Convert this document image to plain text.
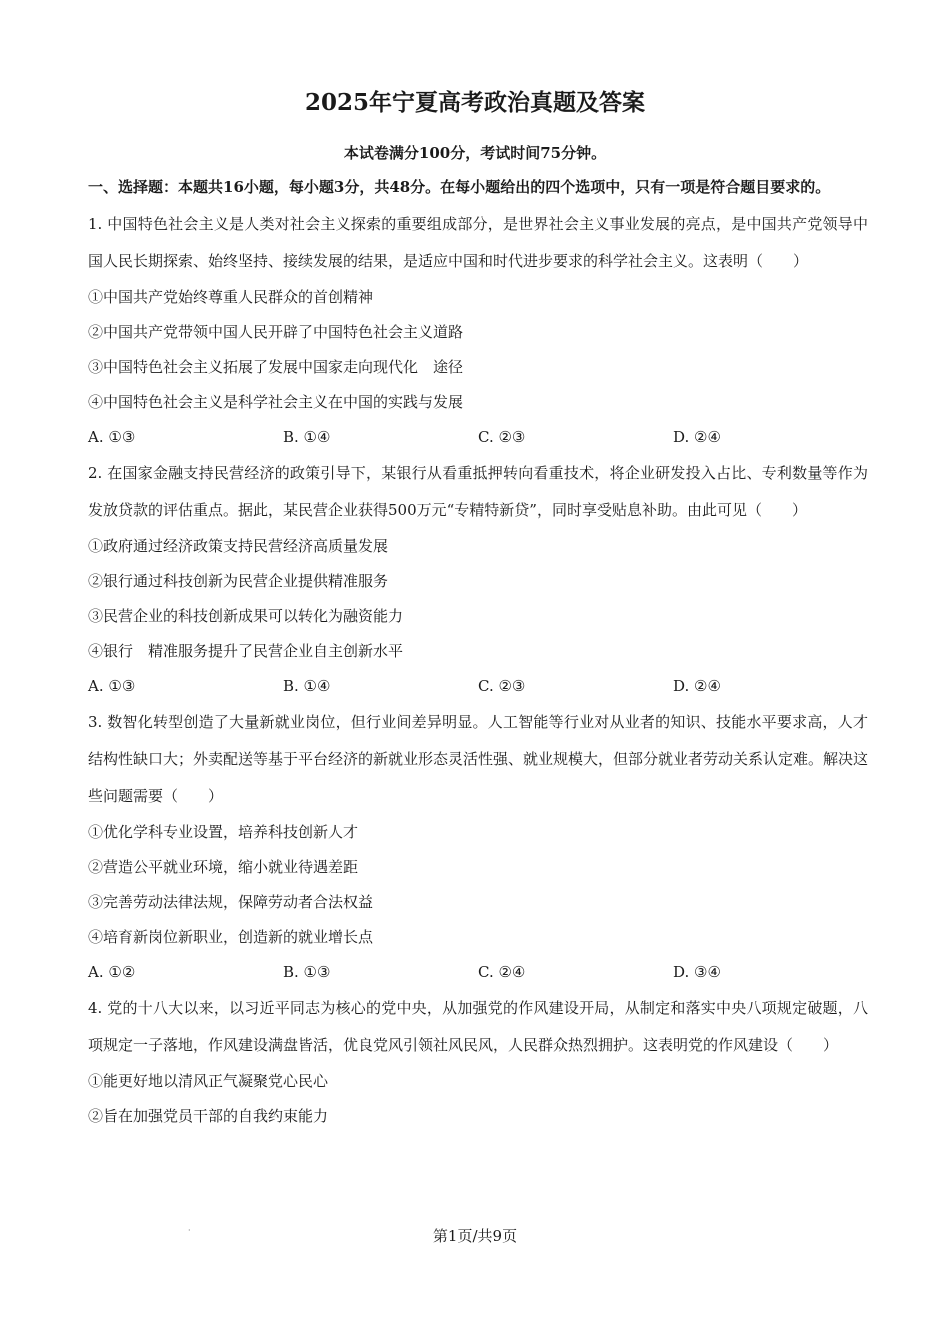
2025年宁夏高考政治真题及答案
本试卷满分100分，考试时间75分钟。
一、选择题：本题共16小题，每小题3分，共48分。在每小题给出的四个选项中，只有一项是符合题目要求的。

1. 中国特色社会主义是人类对社会主义探索的重要组成部分，是世界社会主义事业发展的亮点，是中国共产党领导中国人民长期探索、始终坚持、接续发展的结果，是适应中国和时代进步要求的科学社会主义。这表明（　　）

①中国共产党始终尊重人民群众的首创精神

②中国共产党带领中国人民开辟了中国特色社会主义道路

③中国特色社会主义拓展了发展中国家走向现代化　途径

④中国特色社会主义是科学社会主义在中国的实践与发展

A. ①③	B. ①④	C. ②③	D. ②④

2. 在国家金融支持民营经济的政策引导下，某银行从看重抵押转向看重技术，将企业研发投入占比、专利数量等作为发放贷款的评估重点。据此，某民营企业获得500万元“专精特新贷”，同时享受贴息补助。由此可见（　　）

①政府通过经济政策支持民营经济高质量发展

②银行通过科技创新为民营企业提供精准服务

③民营企业的科技创新成果可以转化为融资能力

④银行　精准服务提升了民营企业自主创新水平

A. ①③	B. ①④	C. ②③	D. ②④

3. 数智化转型创造了大量新就业岗位，但行业间差异明显。人工智能等行业对从业者的知识、技能水平要求高，人才结构性缺口大；外卖配送等基于平台经济的新就业形态灵活性强、就业规模大，但部分就业者劳动关系认定难。解决这些问题需要（　　）

①优化学科专业设置，培养科技创新人才

②营造公平就业环境，缩小就业待遇差距

③完善劳动法律法规，保障劳动者合法权益

④培育新岗位新职业，创造新的就业增长点

A. ①②	B. ①③	C. ②④	D. ③④

4. 党的十八大以来，以习近平同志为核心的党中央，从加强党的作风建设开局，从制定和落实中央八项规定破题，八项规定一子落地，作风建设满盘皆活，优良党风引领社风民风，人民群众热烈拥护。这表明党的作风建设（　　）

①能更好地以清风正气凝聚党心民心

②旨在加强党员干部的自我约束能力

·	第1页/共9页
